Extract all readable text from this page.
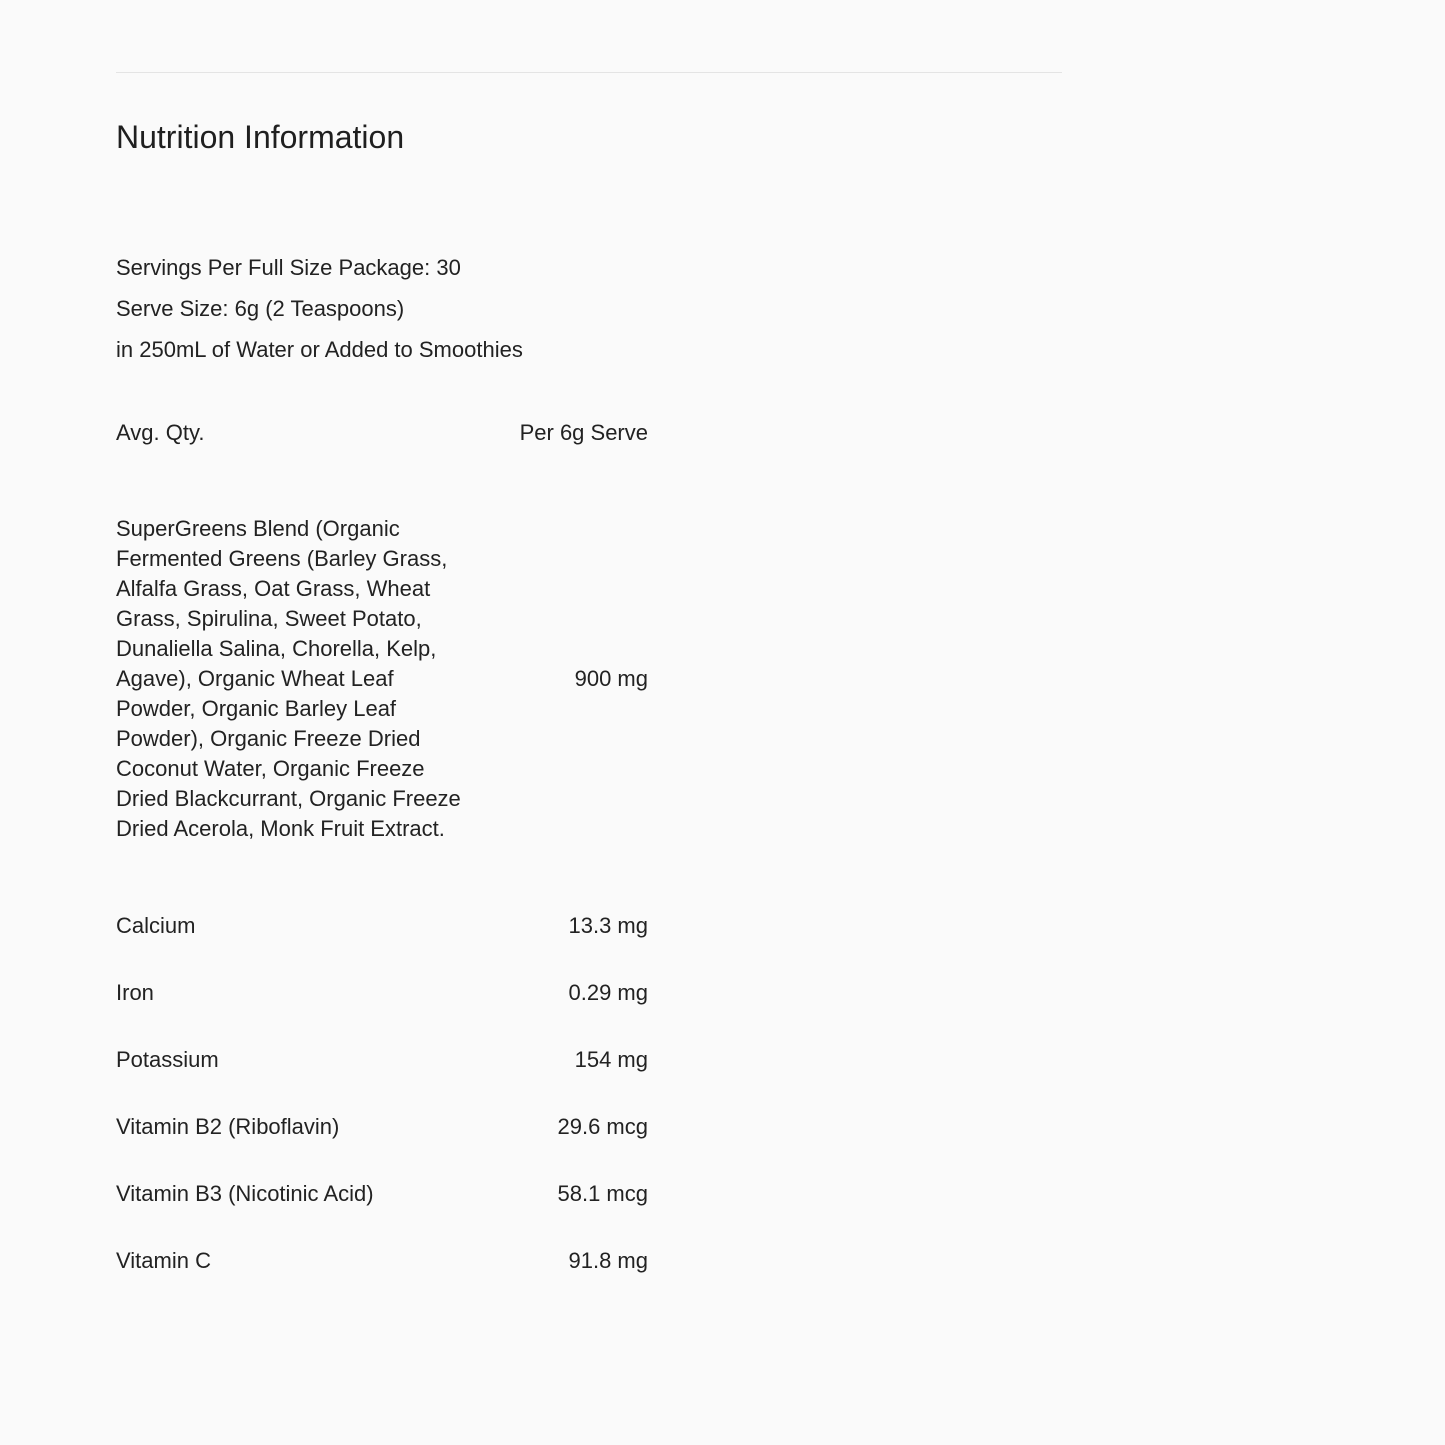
Nutrition Information
Servings Per Full Size Package: 30
Serve Size: 6g (2 Teaspoons)
in 250mL of Water or Added to Smoothies
Avg. Qty.	Per 6g Serve
SuperGreens Blend (Organic Fermented Greens (Barley Grass, Alfalfa Grass, Oat Grass, Wheat Grass, Spirulina, Sweet Potato, Dunaliella Salina, Chorella, Kelp, Agave), Organic Wheat Leaf Powder, Organic Barley Leaf Powder), Organic Freeze Dried Coconut Water, Organic Freeze Dried Blackcurrant, Organic Freeze Dried Acerola, Monk Fruit Extract.	900 mg
Calcium	13.3 mg
Iron	0.29 mg
Potassium	154 mg
Vitamin B2 (Riboflavin)	29.6 mcg
Vitamin B3 (Nicotinic Acid)	58.1 mcg
Vitamin C	91.8 mg
